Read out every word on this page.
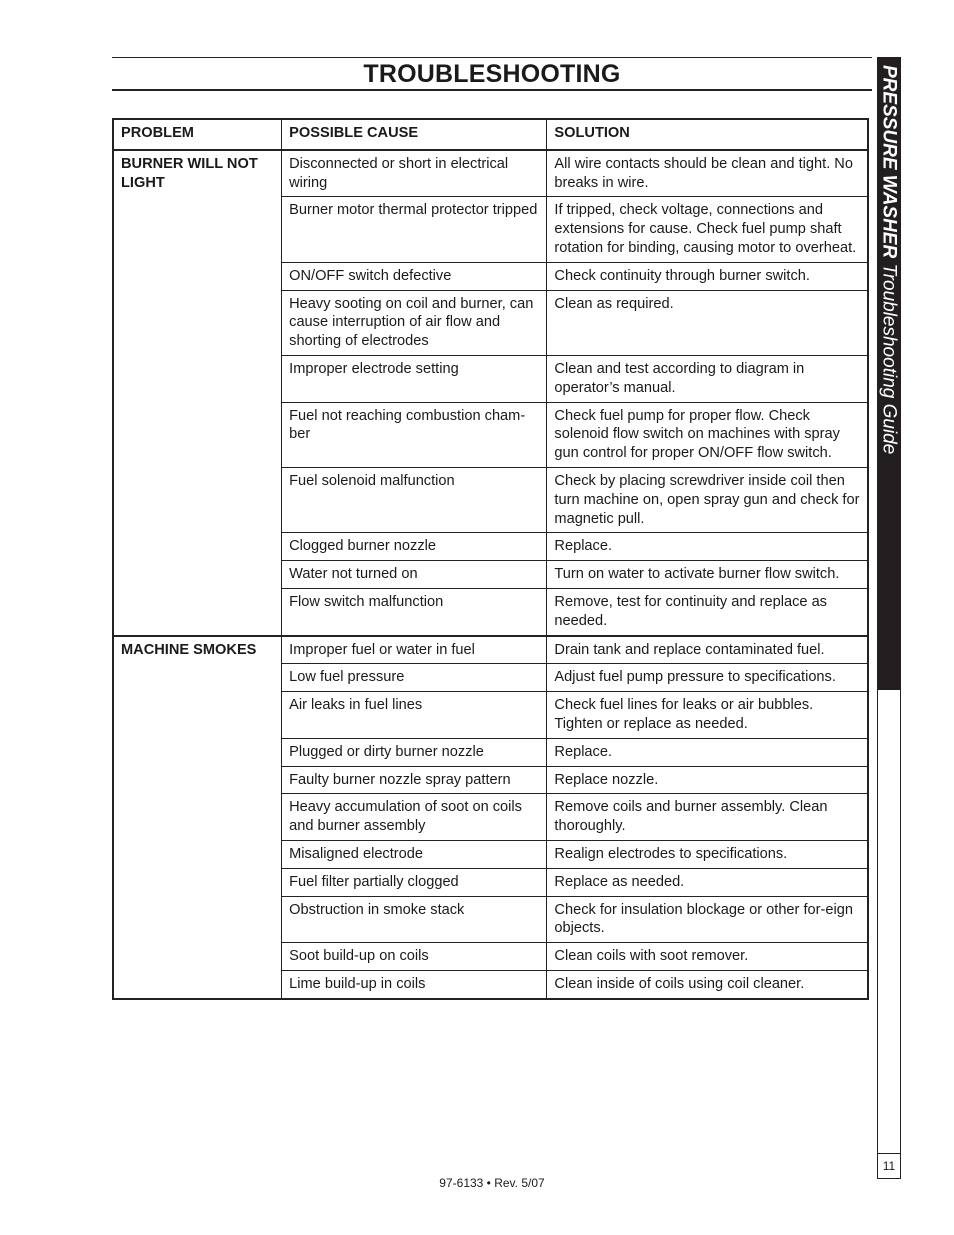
TROUBLESHOOTING	PRESSURE WASHER Troubleshooting Guide
11
PROBLEM	POSSIBLE CAUSE	SOLUTION
BURNER WILL NOT LIGHT	Disconnected or short in electrical wiring	All wire contacts should be clean and tight. No breaks in wire.
	Burner motor thermal protector tripped	If tripped, check voltage, connections and extensions for cause. Check fuel pump shaft rotation for binding, causing motor to overheat.
	ON/OFF switch defective	Check continuity through burner switch.
	Heavy sooting on coil and burner, can cause interruption of air flow and shorting of electrodes	Clean as required.
	Improper electrode setting	Clean and test according to diagram in operator’s manual.
	Fuel not reaching combustion cham-ber	Check fuel pump for proper flow. Check solenoid flow switch on machines with spray gun control for proper ON/OFF flow switch.
	Fuel solenoid malfunction	Check by placing screwdriver inside coil then turn machine on, open spray gun and check for magnetic pull.
	Clogged burner nozzle	Replace.
	Water not turned on	Turn on water to activate burner flow switch.
	Flow switch malfunction	Remove, test for continuity and replace as needed.
MACHINE SMOKES	Improper fuel or water in fuel	Drain tank and replace contaminated fuel.
	Low fuel pressure	Adjust fuel pump pressure to specifications.
	Air leaks in fuel lines	Check fuel lines for leaks or air bubbles. Tighten or replace as needed.
	Plugged or dirty burner nozzle	Replace.
	Faulty burner nozzle spray pattern	Replace nozzle.
	Heavy accumulation of soot on coils and burner assembly	Remove coils and burner assembly. Clean thoroughly.
	Misaligned electrode	Realign electrodes to specifications.
	Fuel filter partially clogged	Replace as needed.
	Obstruction in smoke stack	Check for insulation blockage or other for-eign objects.
	Soot build-up on coils	Clean coils with soot remover.
	Lime build-up in coils	Clean inside of coils using coil cleaner.
97-6133 • Rev. 5/07
